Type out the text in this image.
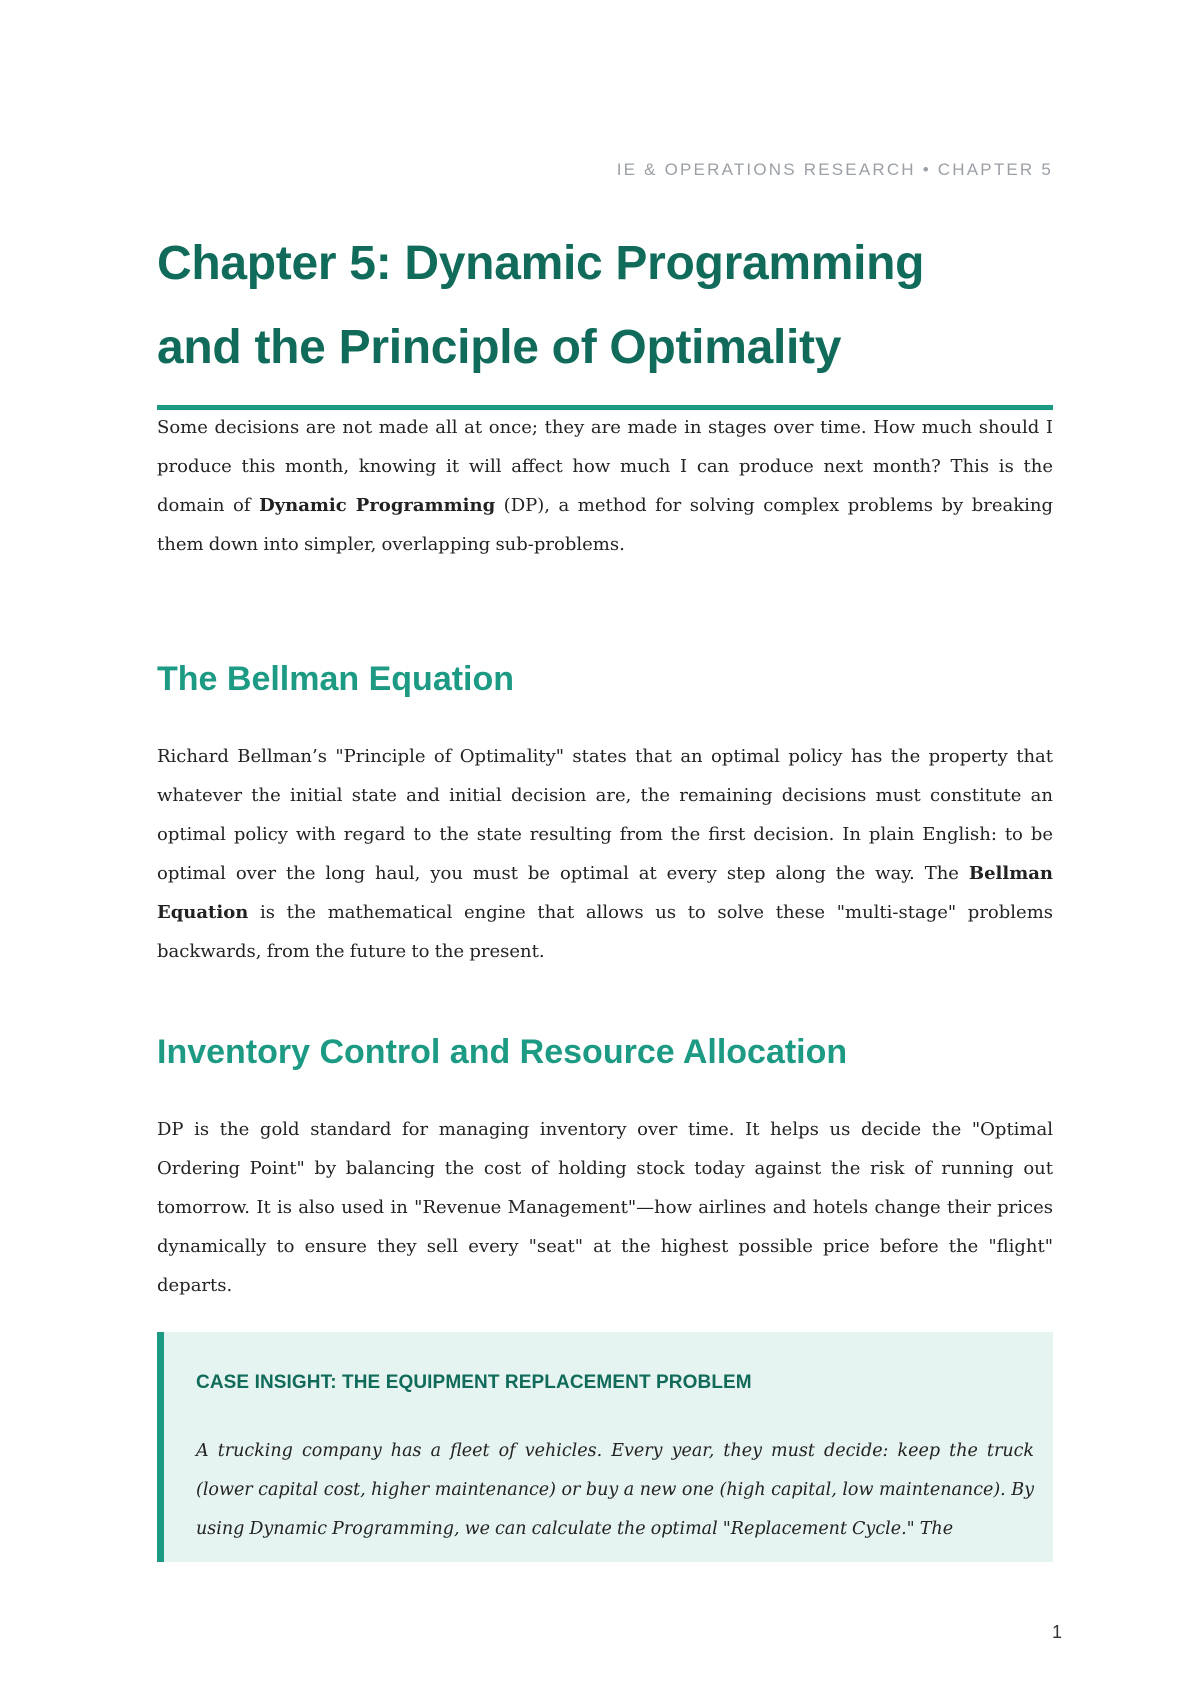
IE & OPERATIONS RESEARCH • CHAPTER 5
Chapter 5: Dynamic Programming
and the Principle of Optimality

Some decisions are not made all at once; they are made in stages over time. How much should I produce this month, knowing it will affect how much I can produce next month? This is the domain of Dynamic Programming (DP), a method for solving complex problems by breaking them down into simpler, overlapping sub-problems.

The Bellman Equation

Richard Bellman’s "Principle of Optimality" states that an optimal policy has the property that whatever the initial state and initial decision are, the remaining decisions must constitute an optimal policy with regard to the state resulting from the first decision. In plain English: to be optimal over the long haul, you must be optimal at every step along the way. The Bellman Equation is the mathematical engine that allows us to solve these "multi-stage" problems backwards, from the future to the present.

Inventory Control and Resource Allocation

DP is the gold standard for managing inventory over time. It helps us decide the "Optimal Ordering Point" by balancing the cost of holding stock today against the risk of running out tomorrow. It is also used in "Revenue Management"—how airlines and hotels change their prices dynamically to ensure they sell every "seat" at the highest possible price before the "flight" departs.

CASE INSIGHT: THE EQUIPMENT REPLACEMENT PROBLEM

A trucking company has a fleet of vehicles. Every year, they must decide: keep the truck (lower capital cost, higher maintenance) or buy a new one (high capital, low maintenance). By using Dynamic Programming, we can calculate the optimal "Replacement Cycle." The

1
